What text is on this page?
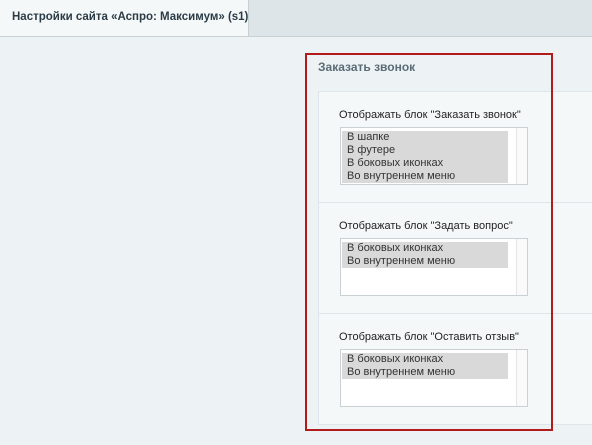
Настройки сайта «Аспро: Максимум» (s1)
Заказать звонок
Отображать блок "Заказать звонок"
В шапке
В футере
В боковых иконках
Во внутреннем меню
Отображать блок "Задать вопрос"
В боковых иконках
Во внутреннем меню
Отображать блок "Оставить отзыв"
В боковых иконках
Во внутреннем меню
